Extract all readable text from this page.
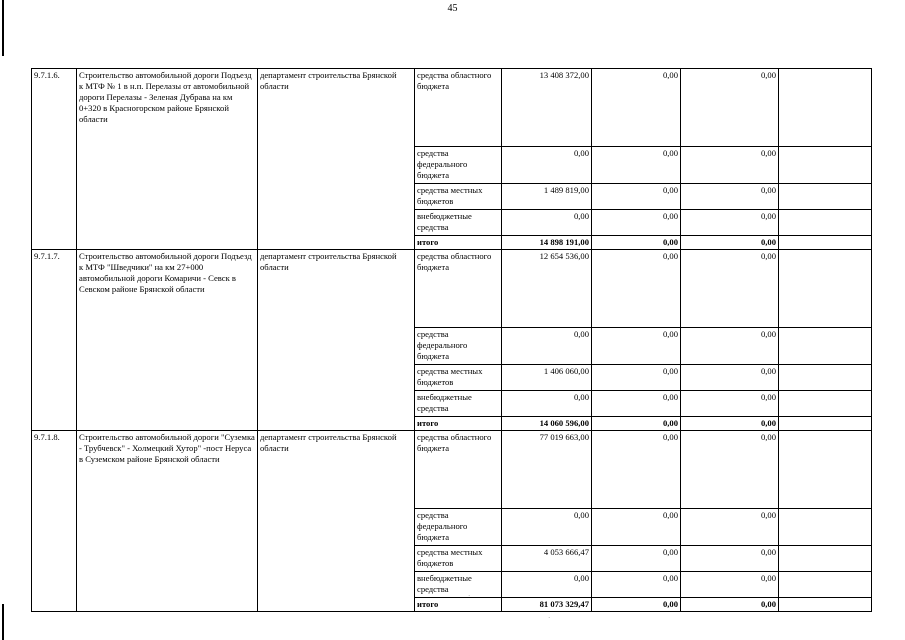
45
9.7.1.6.	Строительство автомобильной дороги Подъезд к МТФ № 1 в н.п. Перелазы от автомобильной дороги Перелазы - Зеленая Дубрава на км 0+320 в Красногорском районе Брянской области	департамент строительства Брянской области	средства областного бюджета	13 408 372,00	0,00	0,00	
			средства федерального бюджета	0,00	0,00	0,00	
			средства местных бюджетов	1 489 819,00	0,00	0,00	
			внебюджетные средства	0,00	0,00	0,00	
			итого	14 898 191,00	0,00	0,00	
9.7.1.7.	Строительство автомобильной дороги Подъезд к МТФ "Шведчики" на км 27+000 автомобильной дороги Комаричи - Севск в Севском районе Брянской области	департамент строительства Брянской области	средства областного бюджета	12 654 536,00	0,00	0,00	
			средства федерального бюджета	0,00	0,00	0,00	
			средства местных бюджетов	1 406 060,00	0,00	0,00	
			внебюджетные средства	0,00	0,00	0,00	
			итого	14 060 596,00	0,00	0,00	
9.7.1.8.	Строительство автомобильной дороги "Суземка - Трубчевск" - Холмецкий Хутор" -пост Неруса в Суземском районе Брянской области	департамент строительства Брянской области	средства областного бюджета	77 019 663,00	0,00	0,00	
			средства федерального бюджета	0,00	0,00	0,00	
			средства местных бюджетов	4 053 666,47	0,00	0,00	
			внебюджетные средства	0,00	0,00	0,00	
			итого	81 073 329,47	0,00	0,00	
·
·
